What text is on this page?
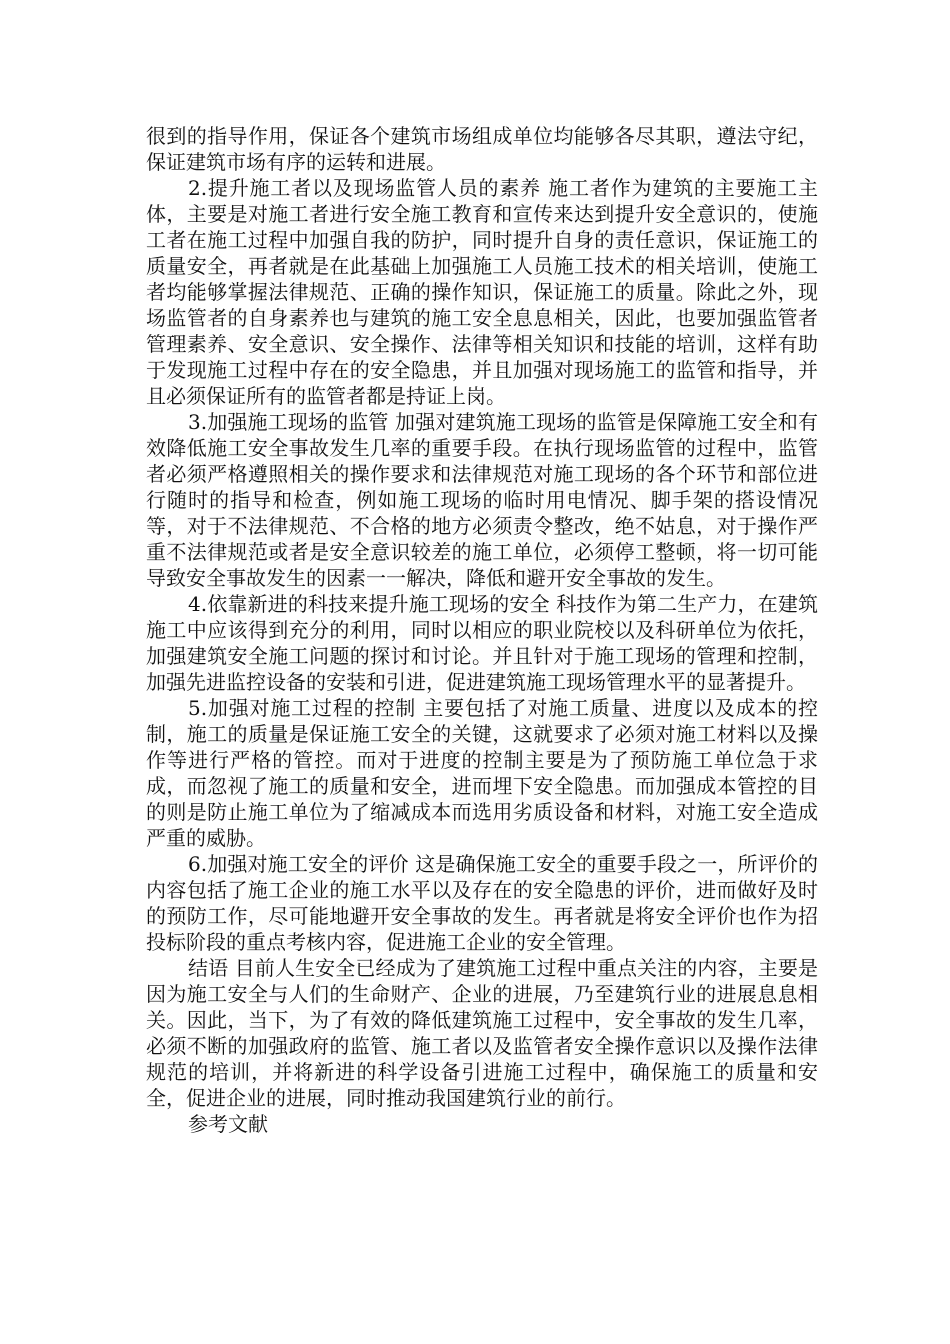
很到的指导作用，保证各个建筑市场组成单位均能够各尽其职，遵法守纪，保证建筑市场有序的运转和进展。

2.提升施工者以及现场监管人员的素养 施工者作为建筑的主要施工主体，主要是对施工者进行安全施工教育和宣传来达到提升安全意识的，使施工者在施工过程中加强自我的防护，同时提升自身的责任意识，保证施工的质量安全，再者就是在此基础上加强施工人员施工技术的相关培训，使施工者均能够掌握法律规范、正确的操作知识，保证施工的质量。除此之外，现场监管者的自身素养也与建筑的施工安全息息相关，因此，也要加强监管者管理素养、安全意识、安全操作、法律等相关知识和技能的培训，这样有助于发现施工过程中存在的安全隐患，并且加强对现场施工的监管和指导，并且必须保证所有的监管者都是持证上岗。

3.加强施工现场的监管 加强对建筑施工现场的监管是保障施工安全和有效降低施工安全事故发生几率的重要手段。在执行现场监管的过程中，监管者必须严格遵照相关的操作要求和法律规范对施工现场的各个环节和部位进行随时的指导和检查，例如施工现场的临时用电情况、脚手架的搭设情况等，对于不法律规范、不合格的地方必须责令整改，绝不姑息，对于操作严重不法律规范或者是安全意识较差的施工单位，必须停工整顿，将一切可能导致安全事故发生的因素一一解决，降低和避开安全事故的发生。

4.依靠新进的科技来提升施工现场的安全 科技作为第二生产力，在建筑施工中应该得到充分的利用，同时以相应的职业院校以及科研单位为依托，加强建筑安全施工问题的探讨和讨论。并且针对于施工现场的管理和控制，加强先进监控设备的安装和引进，促进建筑施工现场管理水平的显著提升。

5.加强对施工过程的控制 主要包括了对施工质量、进度以及成本的控制，施工的质量是保证施工安全的关键，这就要求了必须对施工材料以及操作等进行严格的管控。而对于进度的控制主要是为了预防施工单位急于求成，而忽视了施工的质量和安全，进而埋下安全隐患。而加强成本管控的目的则是防止施工单位为了缩减成本而选用劣质设备和材料，对施工安全造成严重的威胁。

6.加强对施工安全的评价 这是确保施工安全的重要手段之一，所评价的内容包括了施工企业的施工水平以及存在的安全隐患的评价，进而做好及时的预防工作，尽可能地避开安全事故的发生。再者就是将安全评价也作为招投标阶段的重点考核内容，促进施工企业的安全管理。

结语 目前人生安全已经成为了建筑施工过程中重点关注的内容，主要是因为施工安全与人们的生命财产、企业的进展，乃至建筑行业的进展息息相关。因此，当下，为了有效的降低建筑施工过程中，安全事故的发生几率，必须不断的加强政府的监管、施工者以及监管者安全操作意识以及操作法律规范的培训，并将新进的科学设备引进施工过程中，确保施工的质量和安全，促进企业的进展，同时推动我国建筑行业的前行。

参考文献
